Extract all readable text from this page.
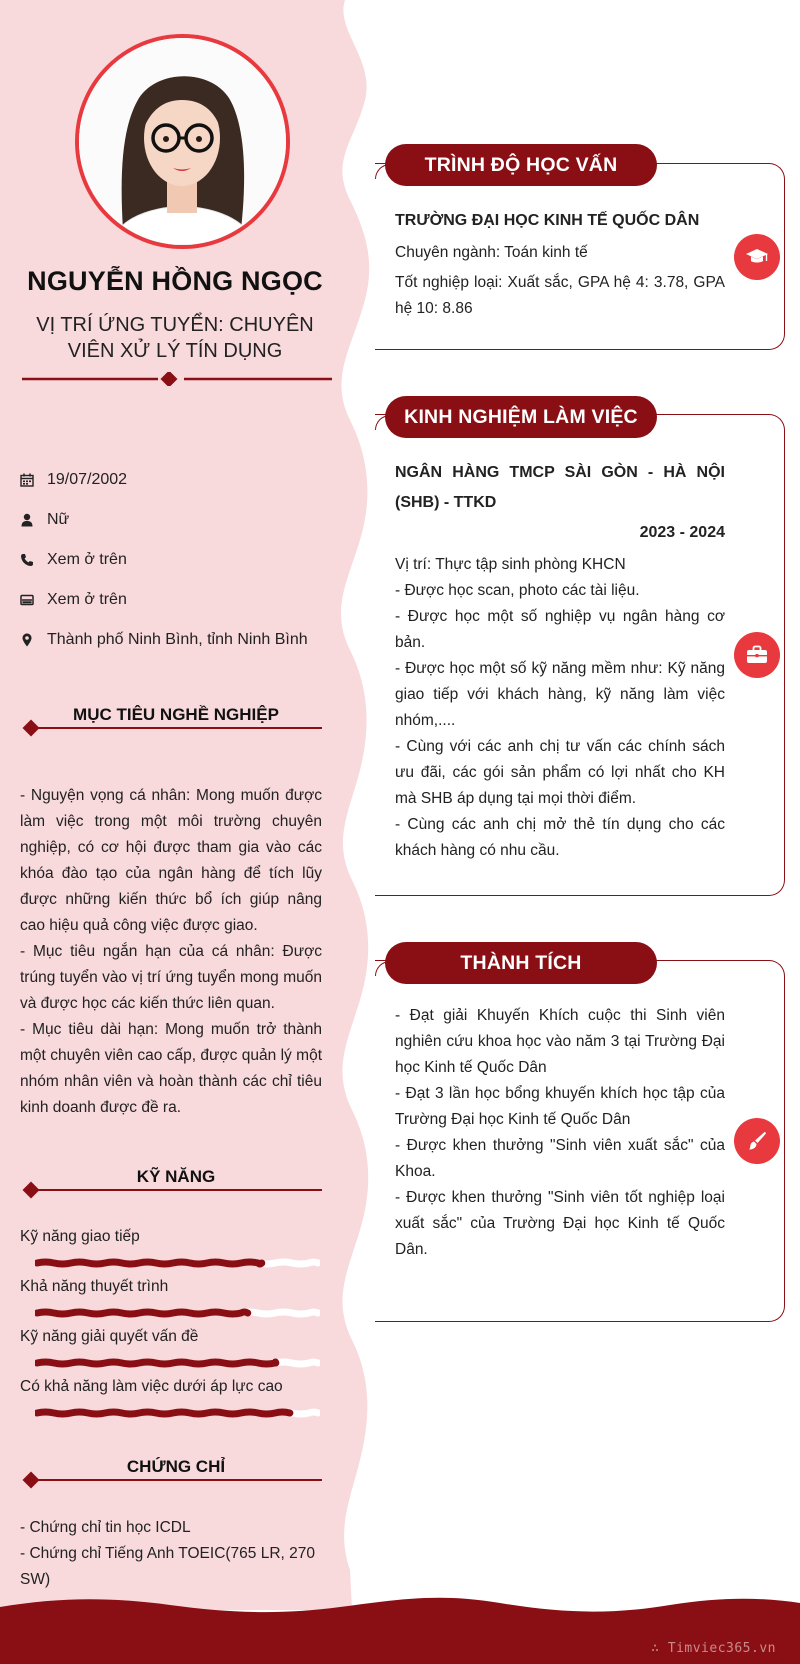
NGUYỄN HỒNG NGỌC
VỊ TRÍ ỨNG TUYỂN: CHUYÊN VIÊN XỬ LÝ TÍN DỤNG
19/07/2002
Nữ
Xem ở trên
Xem ở trên
Thành phố Ninh Bình, tỉnh Ninh Bình
MỤC TIÊU NGHỀ NGHIỆP

- Nguyện vọng cá nhân: Mong muốn được làm việc trong một môi trường chuyên nghiệp, có cơ hội được tham gia vào các khóa đào tạo của ngân hàng để tích lũy được những kiến thức bổ ích giúp nâng cao hiệu quả công việc được giao.

- Mục tiêu ngắn hạn của cá nhân: Được trúng tuyển vào vị trí ứng tuyển mong muốn và được học các kiến thức liên quan.

- Mục tiêu dài hạn: Mong muốn trở thành một chuyên viên cao cấp, được quản lý một nhóm nhân viên và hoàn thành các chỉ tiêu kinh doanh được đề ra.

KỸ NĂNG
Kỹ năng giao tiếp
Khả năng thuyết trình
Kỹ năng giải quyết vấn đề
Có khả năng làm việc dưới áp lực cao
CHỨNG CHỈ

- Chứng chỉ tin học ICDL

- Chứng chỉ Tiếng Anh TOEIC(765 LR, 270 SW)

TRÌNH ĐỘ HỌC VẤN
TRƯỜNG ĐẠI HỌC KINH TẾ QUỐC DÂN

Chuyên ngành: Toán kinh tế

Tốt nghiệp loại: Xuất sắc, GPA hệ 4: 3.78, GPA hệ 10: 8.86

KINH NGHIỆM LÀM VIỆC
NGÂN HÀNG TMCP SÀI GÒN - HÀ NỘI (SHB) - TTKD
2023 - 2024

Vị trí: Thực tập sinh phòng KHCN

- Được học scan, photo các tài liệu.

- Được học một số nghiệp vụ ngân hàng cơ bản.

- Được học một số kỹ năng mềm như: Kỹ năng giao tiếp với khách hàng, kỹ năng làm việc nhóm,....

- Cùng với các anh chị tư vấn các chính sách ưu đãi, các gói sản phẩm có lợi nhất cho KH mà SHB áp dụng tại mọi thời điểm.

- Cùng các anh chị mở thẻ tín dụng cho các khách hàng có nhu cầu.

THÀNH TÍCH

- Đạt giải Khuyến Khích cuộc thi Sinh viên nghiên cứu khoa học vào năm 3 tại Trường Đại học Kinh tế Quốc Dân

- Đạt 3 lần học bổng khuyến khích học tập của Trường Đại học Kinh tế Quốc Dân

- Được khen thưởng "Sinh viên xuất sắc" của Khoa.

- Được khen thưởng "Sinh viên tốt nghiệp loại xuất sắc" của Trường Đại học Kinh tế Quốc Dân.

∴ Timviec365.vn
